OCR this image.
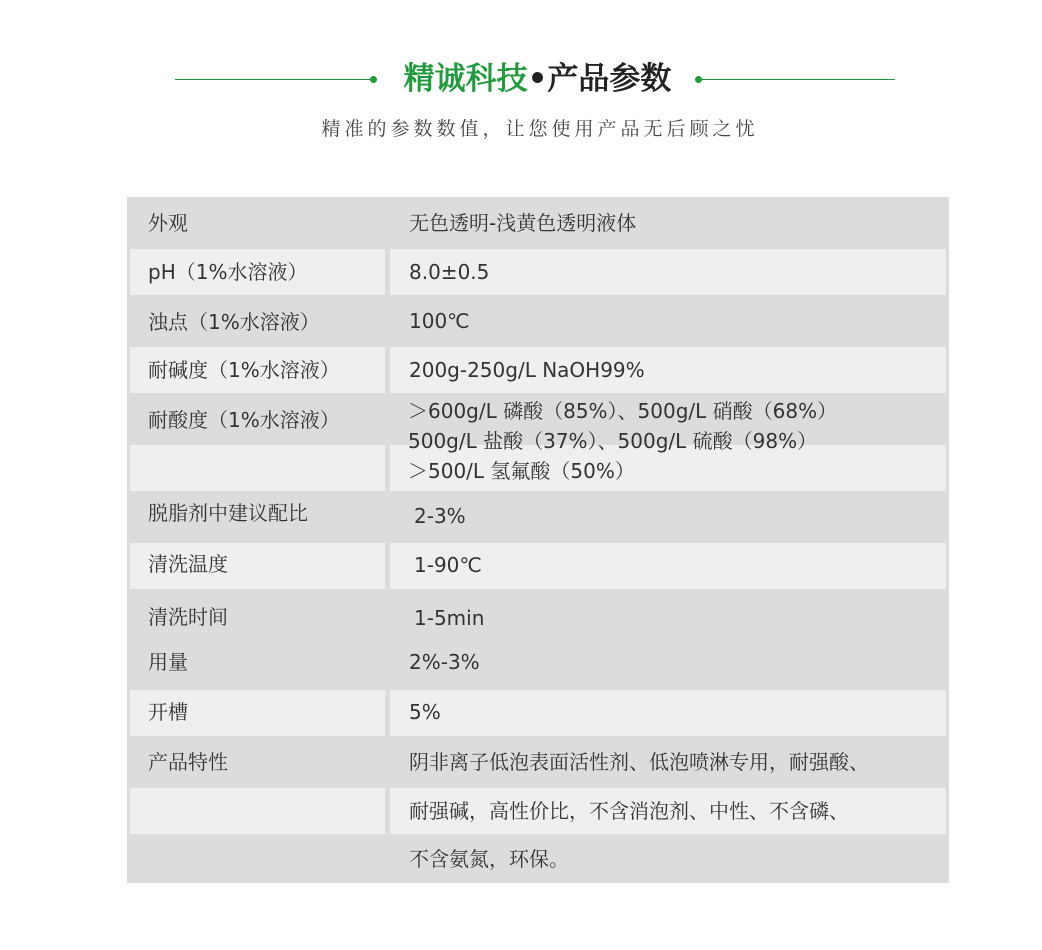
精诚科技•产品参数
精准的参数数值，让您使用产品无后顾之忧
外观	无色透明-浅黄色透明液体
pH（1%水溶液）	8.0±0.5
浊点（1%水溶液）	100℃
耐碱度（1%水溶液）	200g-250g/L NaOH99%
耐酸度（1%水溶液）	＞600g/L 磷酸（85%）、500g/L 硝酸（68%）
500g/L 盐酸（37%）、500g/L 硫酸（98%）
＞500/L 氢氟酸（50%）
脱脂剂中建议配比	2-3%
清洗温度	1-90℃
清洗时间	1-5min
用量	2%-3%
开槽	5%
产品特性	阴非离子低泡表面活性剂、低泡喷淋专用，耐强酸、
耐强碱，高性价比，不含消泡剂、中性、不含磷、
不含氨氮，环保。
